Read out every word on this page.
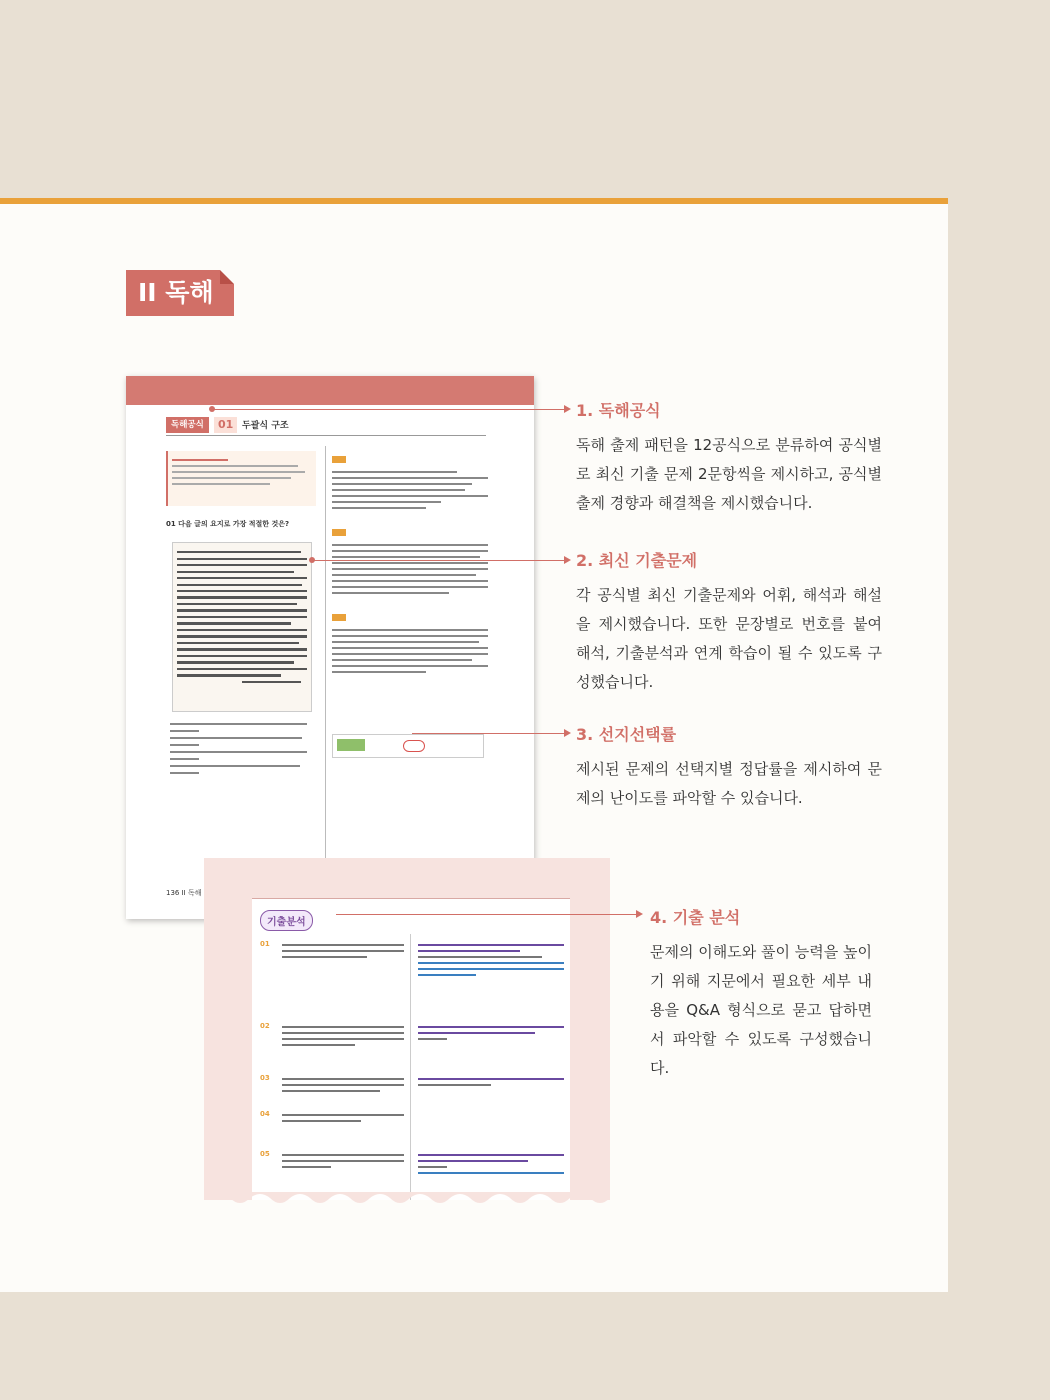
II 독해
독해공식	01 두괄식 구조
01 다음 글의 요지로 가장 적절한 것은?
136 II 독해
기출분석
01
02
03
04
05
1. 독해공식

독해 출제 패턴을 12공식으로 분류하여 공식별로 최신 기출 문제 2문항씩을 제시하고, 공식별 출제 경향과 해결책을 제시했습니다.

2. 최신 기출문제

각 공식별 최신 기출문제와 어휘, 해석과 해설을 제시했습니다. 또한 문장별로 번호를 붙여 해석, 기출분석과 연계 학습이 될 수 있도록 구성했습니다.

3. 선지선택률

제시된 문제의 선택지별 정답률을 제시하여 문제의 난이도를 파악할 수 있습니다.

4. 기출 분석

문제의 이해도와 풀이 능력을 높이기 위해 지문에서 필요한 세부 내용을 Q&A 형식으로 묻고 답하면서 파악할 수 있도록 구성했습니다.
